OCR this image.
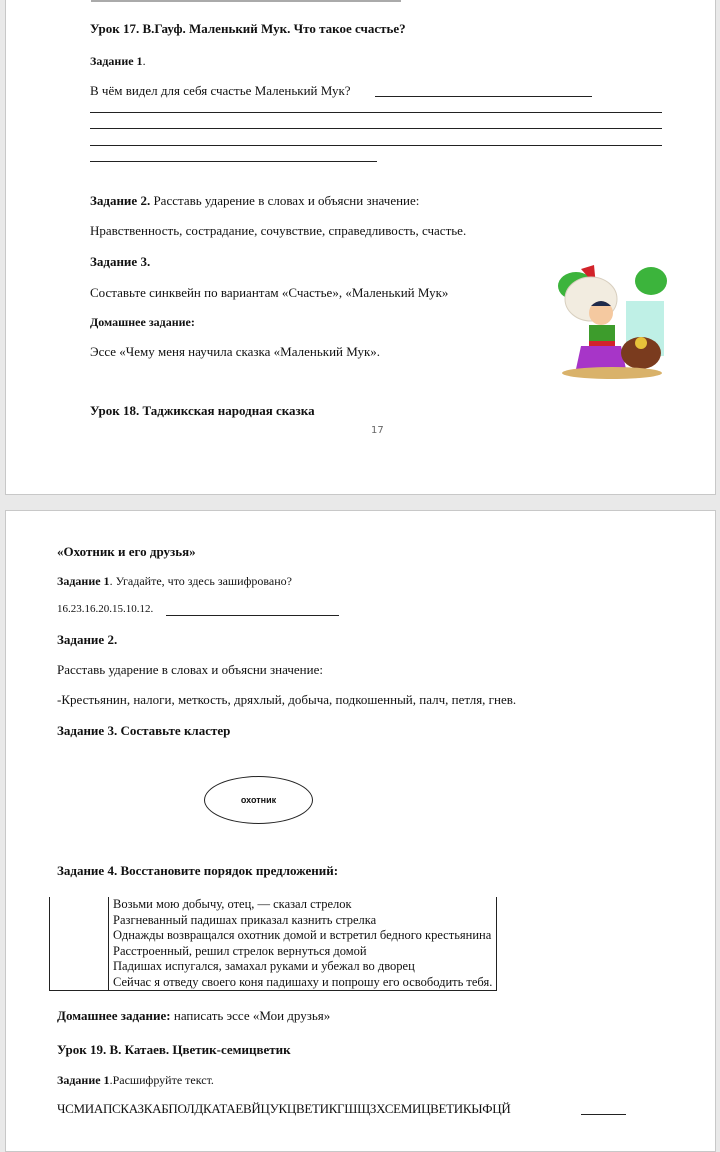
Урок 17. В.Гауф. Маленький Мук. Что такое счастье?
Задание 1.
В чём видел для себя счастье Маленький Мук?
Задание 2. Расставь ударение в словах и объясни значение:
Нравственность, сострадание, сочувствие, справедливость, счастье.
Задание 3.
Составьте синквейн по вариантам «Счастье», «Маленький Мук»
Домашнее задание:
Эссе «Чему меня научила сказка «Маленький Мук».
Урок 18. Таджикская народная сказка
17
«Охотник и его друзья»
Задание 1. Угадайте, что здесь зашифровано?
16.23.16.20.15.10.12.
Задание 2.
Расставь ударение в словах и объясни значение:
-Крестьянин, налоги, меткость, дряхлый, добыча, подкошенный, палч, петля, гнев.
Задание 3. Составьте кластер
охотник
Задание 4. Восстановите порядок предложений:
	Возьми мою добычу, отец, — сказал стрелок
	Разгневанный падишах приказал казнить стрелка
	Однажды возвращался охотник домой и встретил бедного крестьянина
	Расстроенный, решил стрелок вернуться домой
	Падишах испугался, замахал руками и убежал во дворец
	Сейчас я отведу своего коня падишаху и попрошу его освободить тебя.
Домашнее задание: написать эссе «Мои друзья»
Урок 19. В. Катаев. Цветик-семицветик
Задание 1.Расшифруйте текст.
ЧСМИАПСКАЗКАБПОЛДКАТАЕВЙЦУКЦВЕТИКГШЩЗХСЕМИЦВЕТИКЫФЦЙ
